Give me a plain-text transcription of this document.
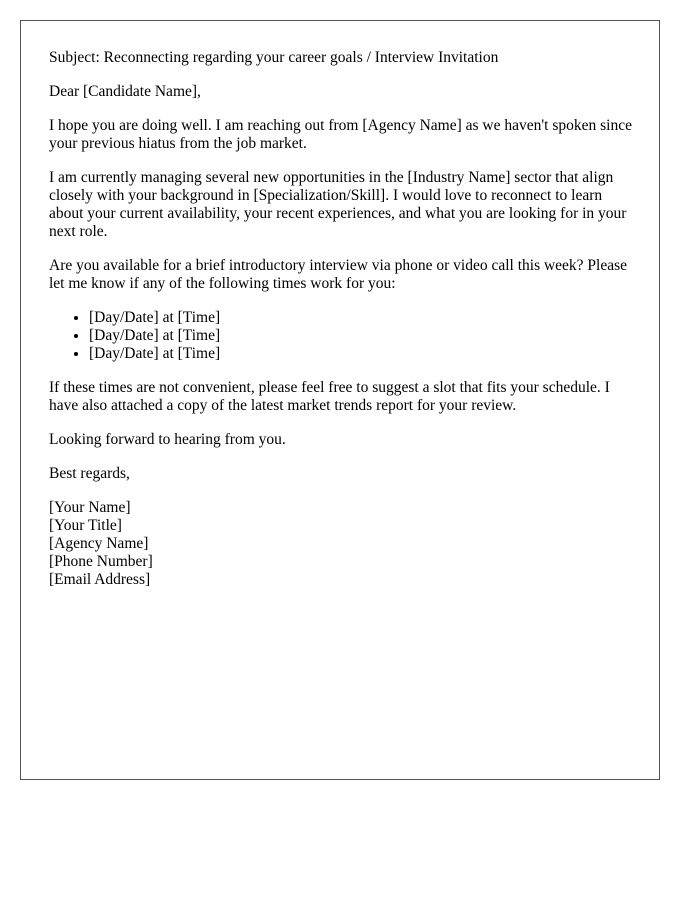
Subject: Reconnecting regarding your career goals / Interview Invitation

Dear [Candidate Name],

I hope you are doing well. I am reaching out from [Agency Name] as we haven't spoken since your previous hiatus from the job market.

I am currently managing several new opportunities in the [Industry Name] sector that align closely with your background in [Specialization/Skill]. I would love to reconnect to learn about your current availability, your recent experiences, and what you are looking for in your next role.

Are you available for a brief introductory interview via phone or video call this week? Please let me know if any of the following times work for you:

• [Day/Date] at [Time]
• [Day/Date] at [Time]
• [Day/Date] at [Time]

If these times are not convenient, please feel free to suggest a slot that fits your schedule. I have also attached a copy of the latest market trends report for your review.

Looking forward to hearing from you.

Best regards,

[Your Name]
[Your Title]
[Agency Name]
[Phone Number]
[Email Address]
